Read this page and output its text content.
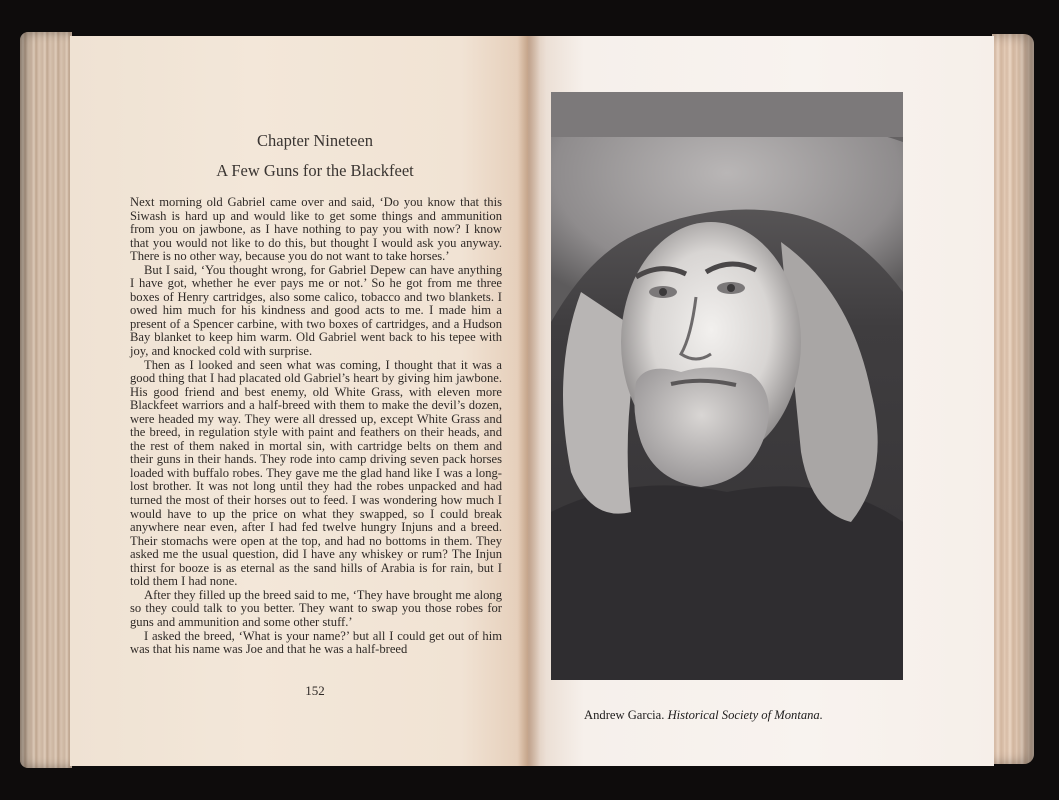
Chapter Nineteen
A Few Guns for the Blackfeet

Next morning old Gabriel came over and said, ‘Do you know that this Siwash is hard up and would like to get some things and ammunition from you on jawbone, as I have nothing to pay you with now? I know that you would not like to do this, but thought I would ask you anyway. There is no other way, because you do not want to take horses.’

But I said, ‘You thought wrong, for Gabriel Depew can have anything I have got, whether he ever pays me or not.’ So he got from me three boxes of Henry cartridges, also some calico, tobacco and two blankets. I owed him much for his kindness and good acts to me. I made him a present of a Spencer carbine, with two boxes of cartridges, and a Hudson Bay blanket to keep him warm. Old Gabriel went back to his tepee with joy, and knocked cold with surprise.

Then as I looked and seen what was coming, I thought that it was a good thing that I had placated old Gabriel’s heart by giving him jawbone. His good friend and best enemy, old White Grass, with eleven more Blackfeet warriors and a half-breed with them to make the devil’s dozen, were headed my way. They were all dressed up, except White Grass and the breed, in regulation style with paint and feathers on their heads, and the rest of them naked in mortal sin, with cartridge belts on them and their guns in their hands. They rode into camp driving seven pack horses loaded with buffalo robes. They gave me the glad hand like I was a long-lost brother. It was not long until they had the robes unpacked and had turned the most of their horses out to feed. I was wondering how much I would have to up the price on what they swapped, so I could break anywhere near even, after I had fed twelve hungry Injuns and a breed. Their stomachs were open at the top, and had no bottoms in them. They asked me the usual question, did I have any whiskey or rum? The Injun thirst for booze is as eternal as the sand hills of Arabia is for rain, but I told them I had none.

After they filled up the breed said to me, ‘They have brought me along so they could talk to you better. They want to swap you those robes for guns and ammunition and some other stuff.’

I asked the breed, ‘What is your name?’ but all I could get out of him was that his name was Joe and that he was a half-breed

152
Andrew Garcia. Historical Society of Montana.
